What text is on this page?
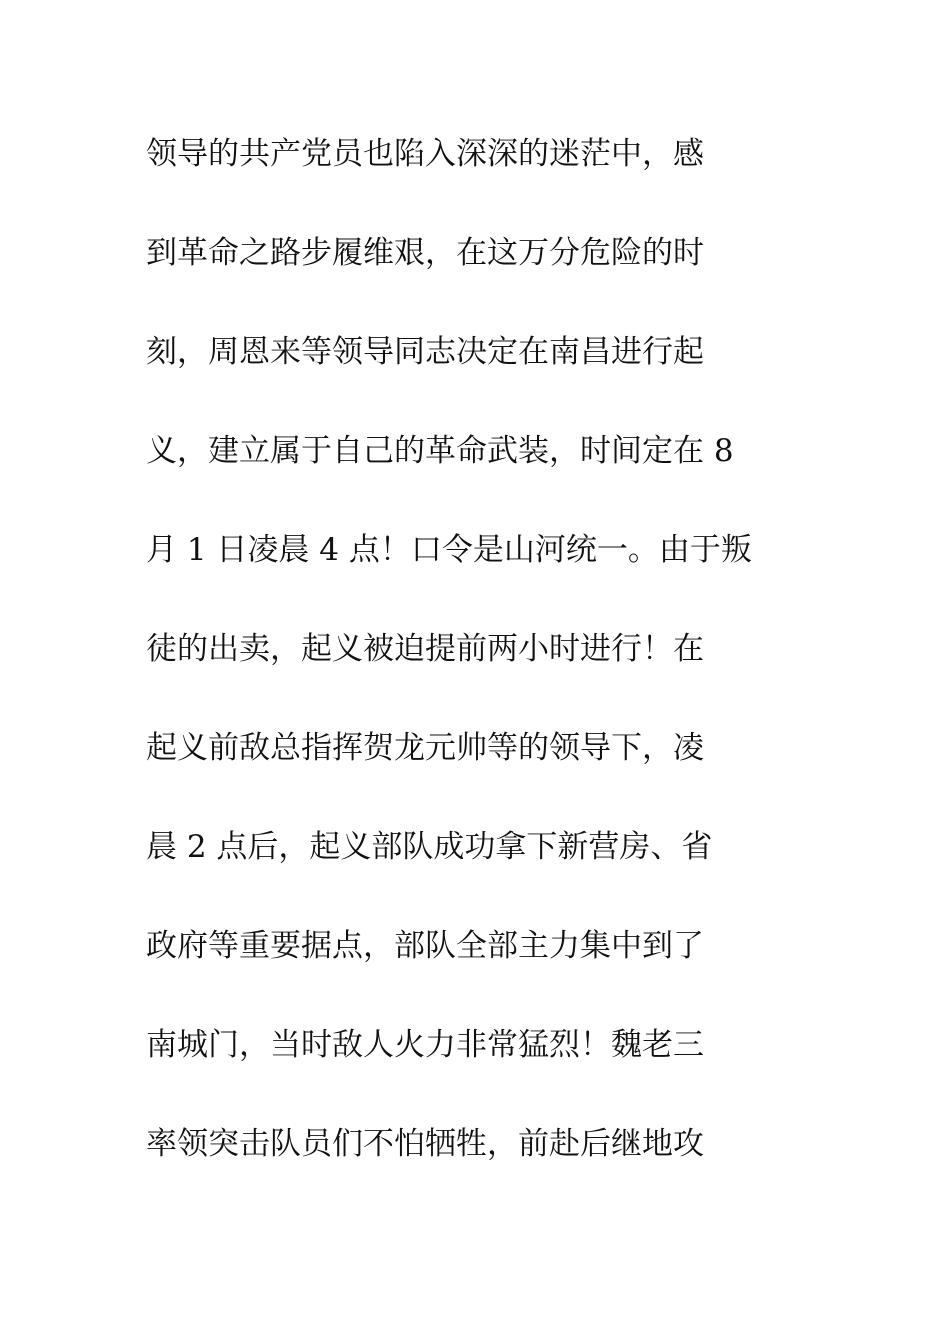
领导的共产党员也陷入深深的迷茫中，感
到革命之路步履维艰，在这万分危险的时
刻，周恩来等领导同志决定在南昌进行起
义，建立属于自己的革命武装，时间定在 8
月 1 日凌晨 4 点！口令是山河统一。由于叛
徒的出卖，起义被迫提前两小时进行！在
起义前敌总指挥贺龙元帅等的领导下，凌
晨 2 点后，起义部队成功拿下新营房、省
政府等重要据点，部队全部主力集中到了
南城门，当时敌人火力非常猛烈！魏老三
率领突击队员们不怕牺牲，前赴后继地攻
